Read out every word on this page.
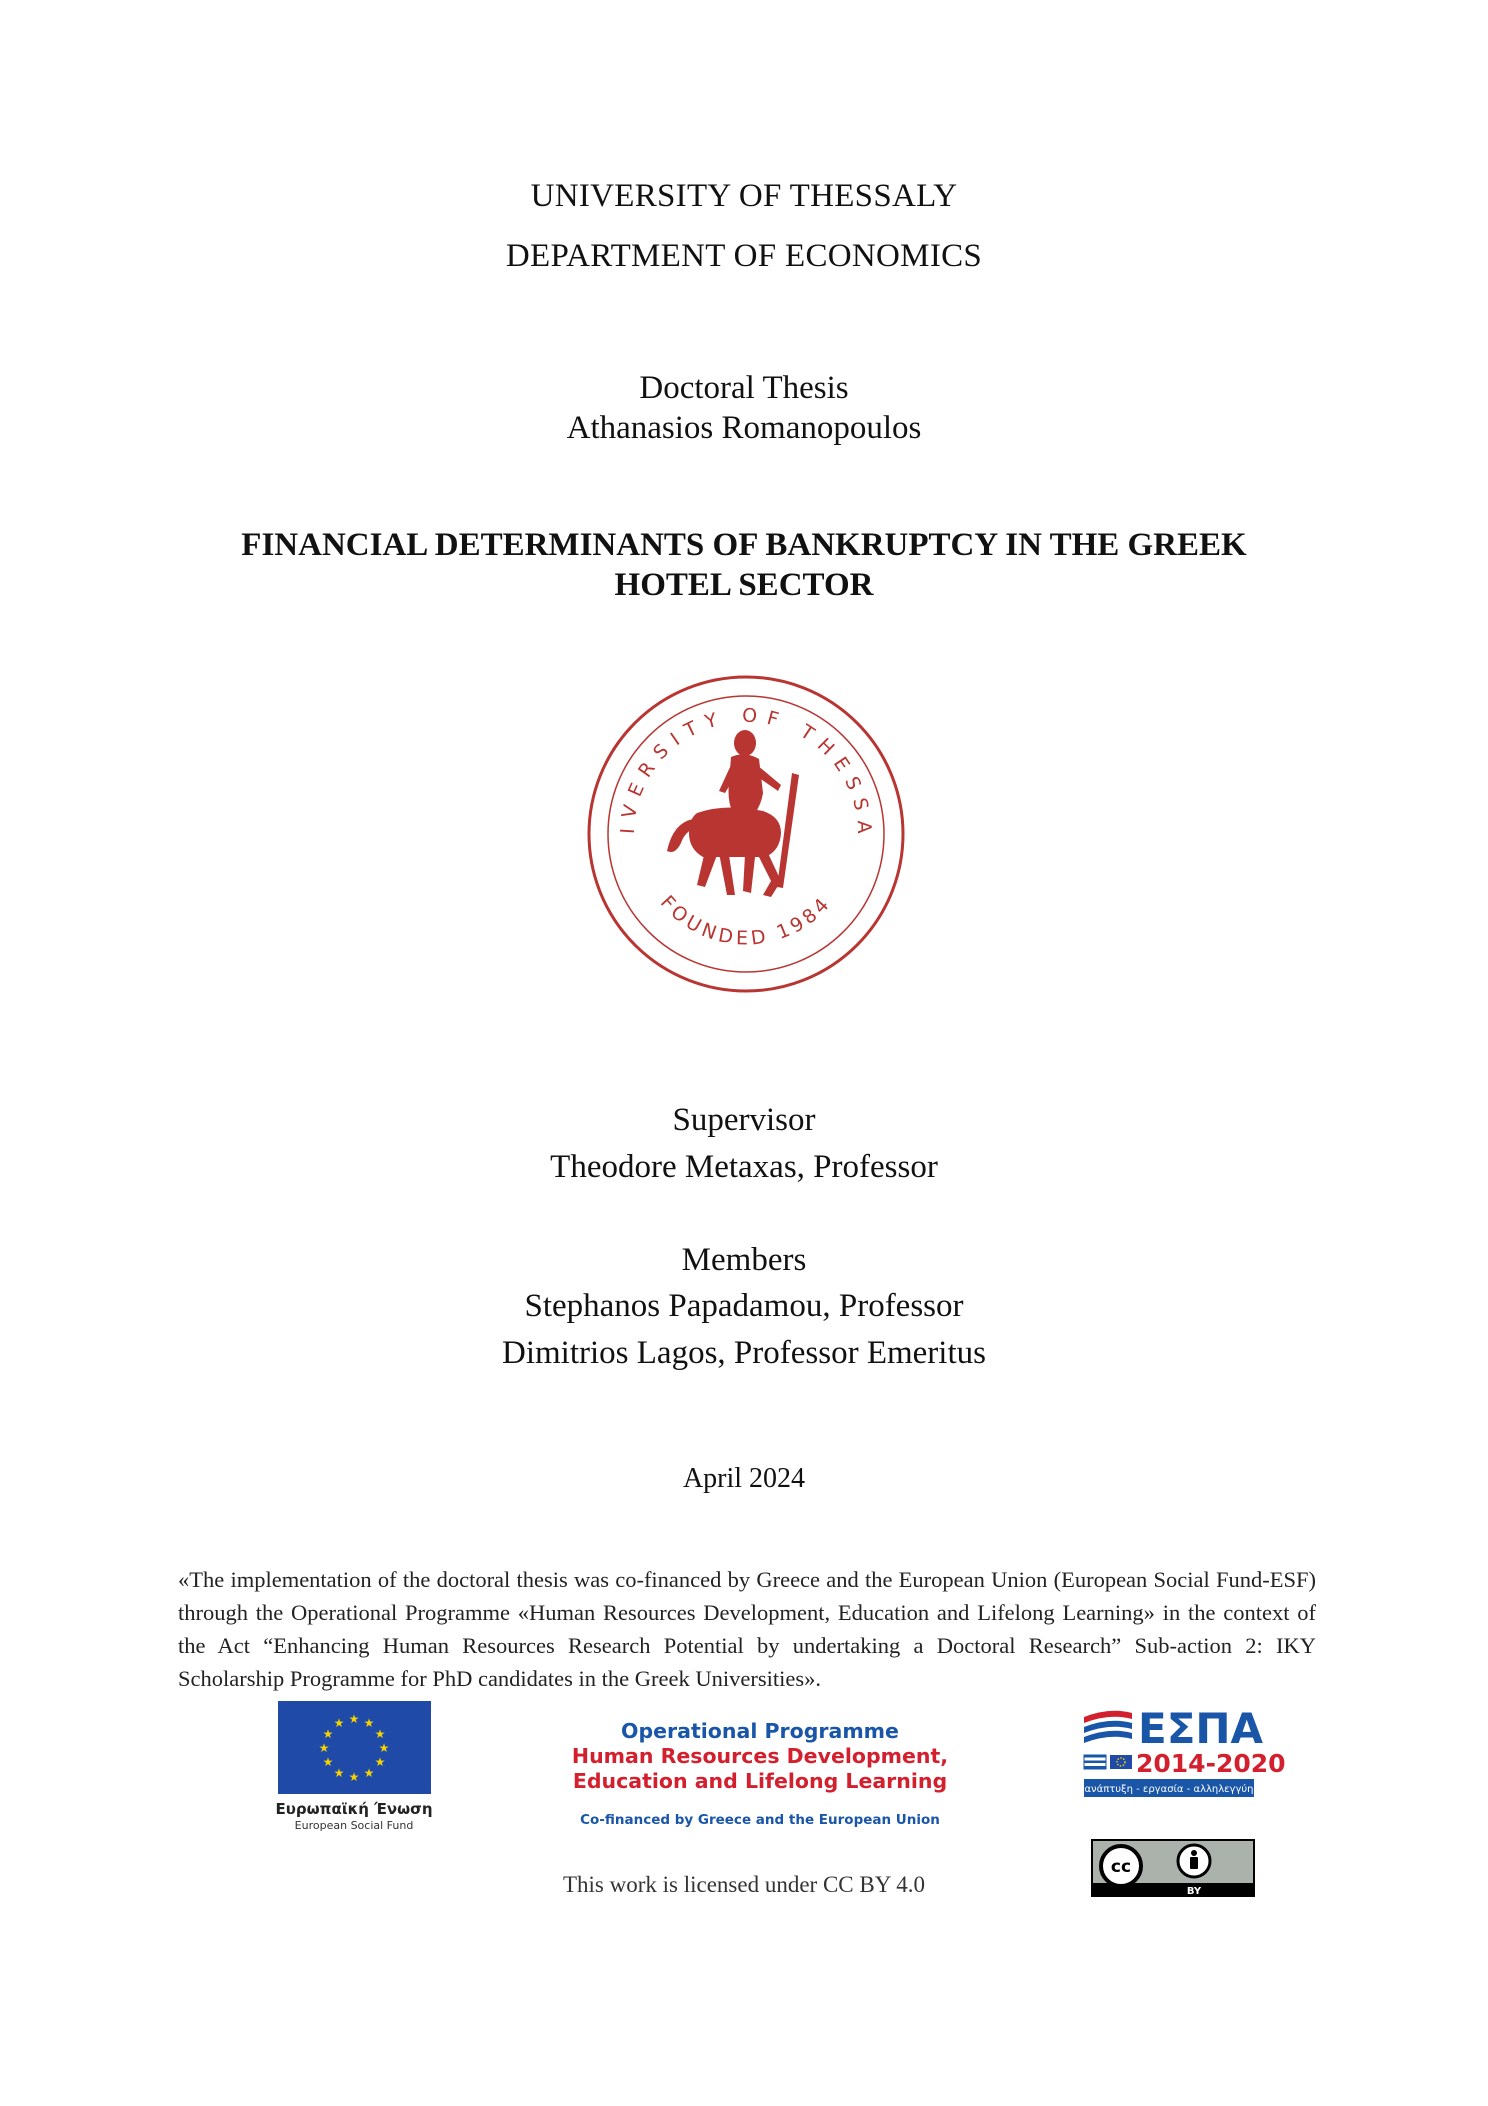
UNIVERSITY OF THESSALY
DEPARTMENT OF ECONOMICS
Doctoral Thesis
Athanasios Romanopoulos
FINANCIAL DETERMINANTS OF BANKRUPTCY IN THE GREEK
HOTEL SECTOR
IVERSITY OF THESSA
FOUNDED 1984
Supervisor
Theodore Metaxas, Professor
Members
Stephanos Papadamou, Professor
Dimitrios Lagos, Professor Emeritus
April 2024
«The implementation of the doctoral thesis was co-financed by Greece and the European Union (European Social Fund-ESF) through the Operational Programme «Human Resources Development, Education and Lifelong Learning» in the context of the Act “Enhancing Human Resources Research Potential by undertaking a Doctoral Research” Sub-action 2: IKY Scholarship Programme for PhD candidates in the Greek Universities».
★ ★
★
★
★
★
★
★
★
★
★
★
Ευρωπαϊκή Ένωση
European Social Fund
Operational Programme
Human Resources Development,
Education and Lifelong Learning
Co-financed by Greece and the European Union
ΕΣΠΑ
2014-2020
ανάπτυξη - εργασία - αλληλεγγύη
This work is licensed under CC BY 4.0
cc
BY
